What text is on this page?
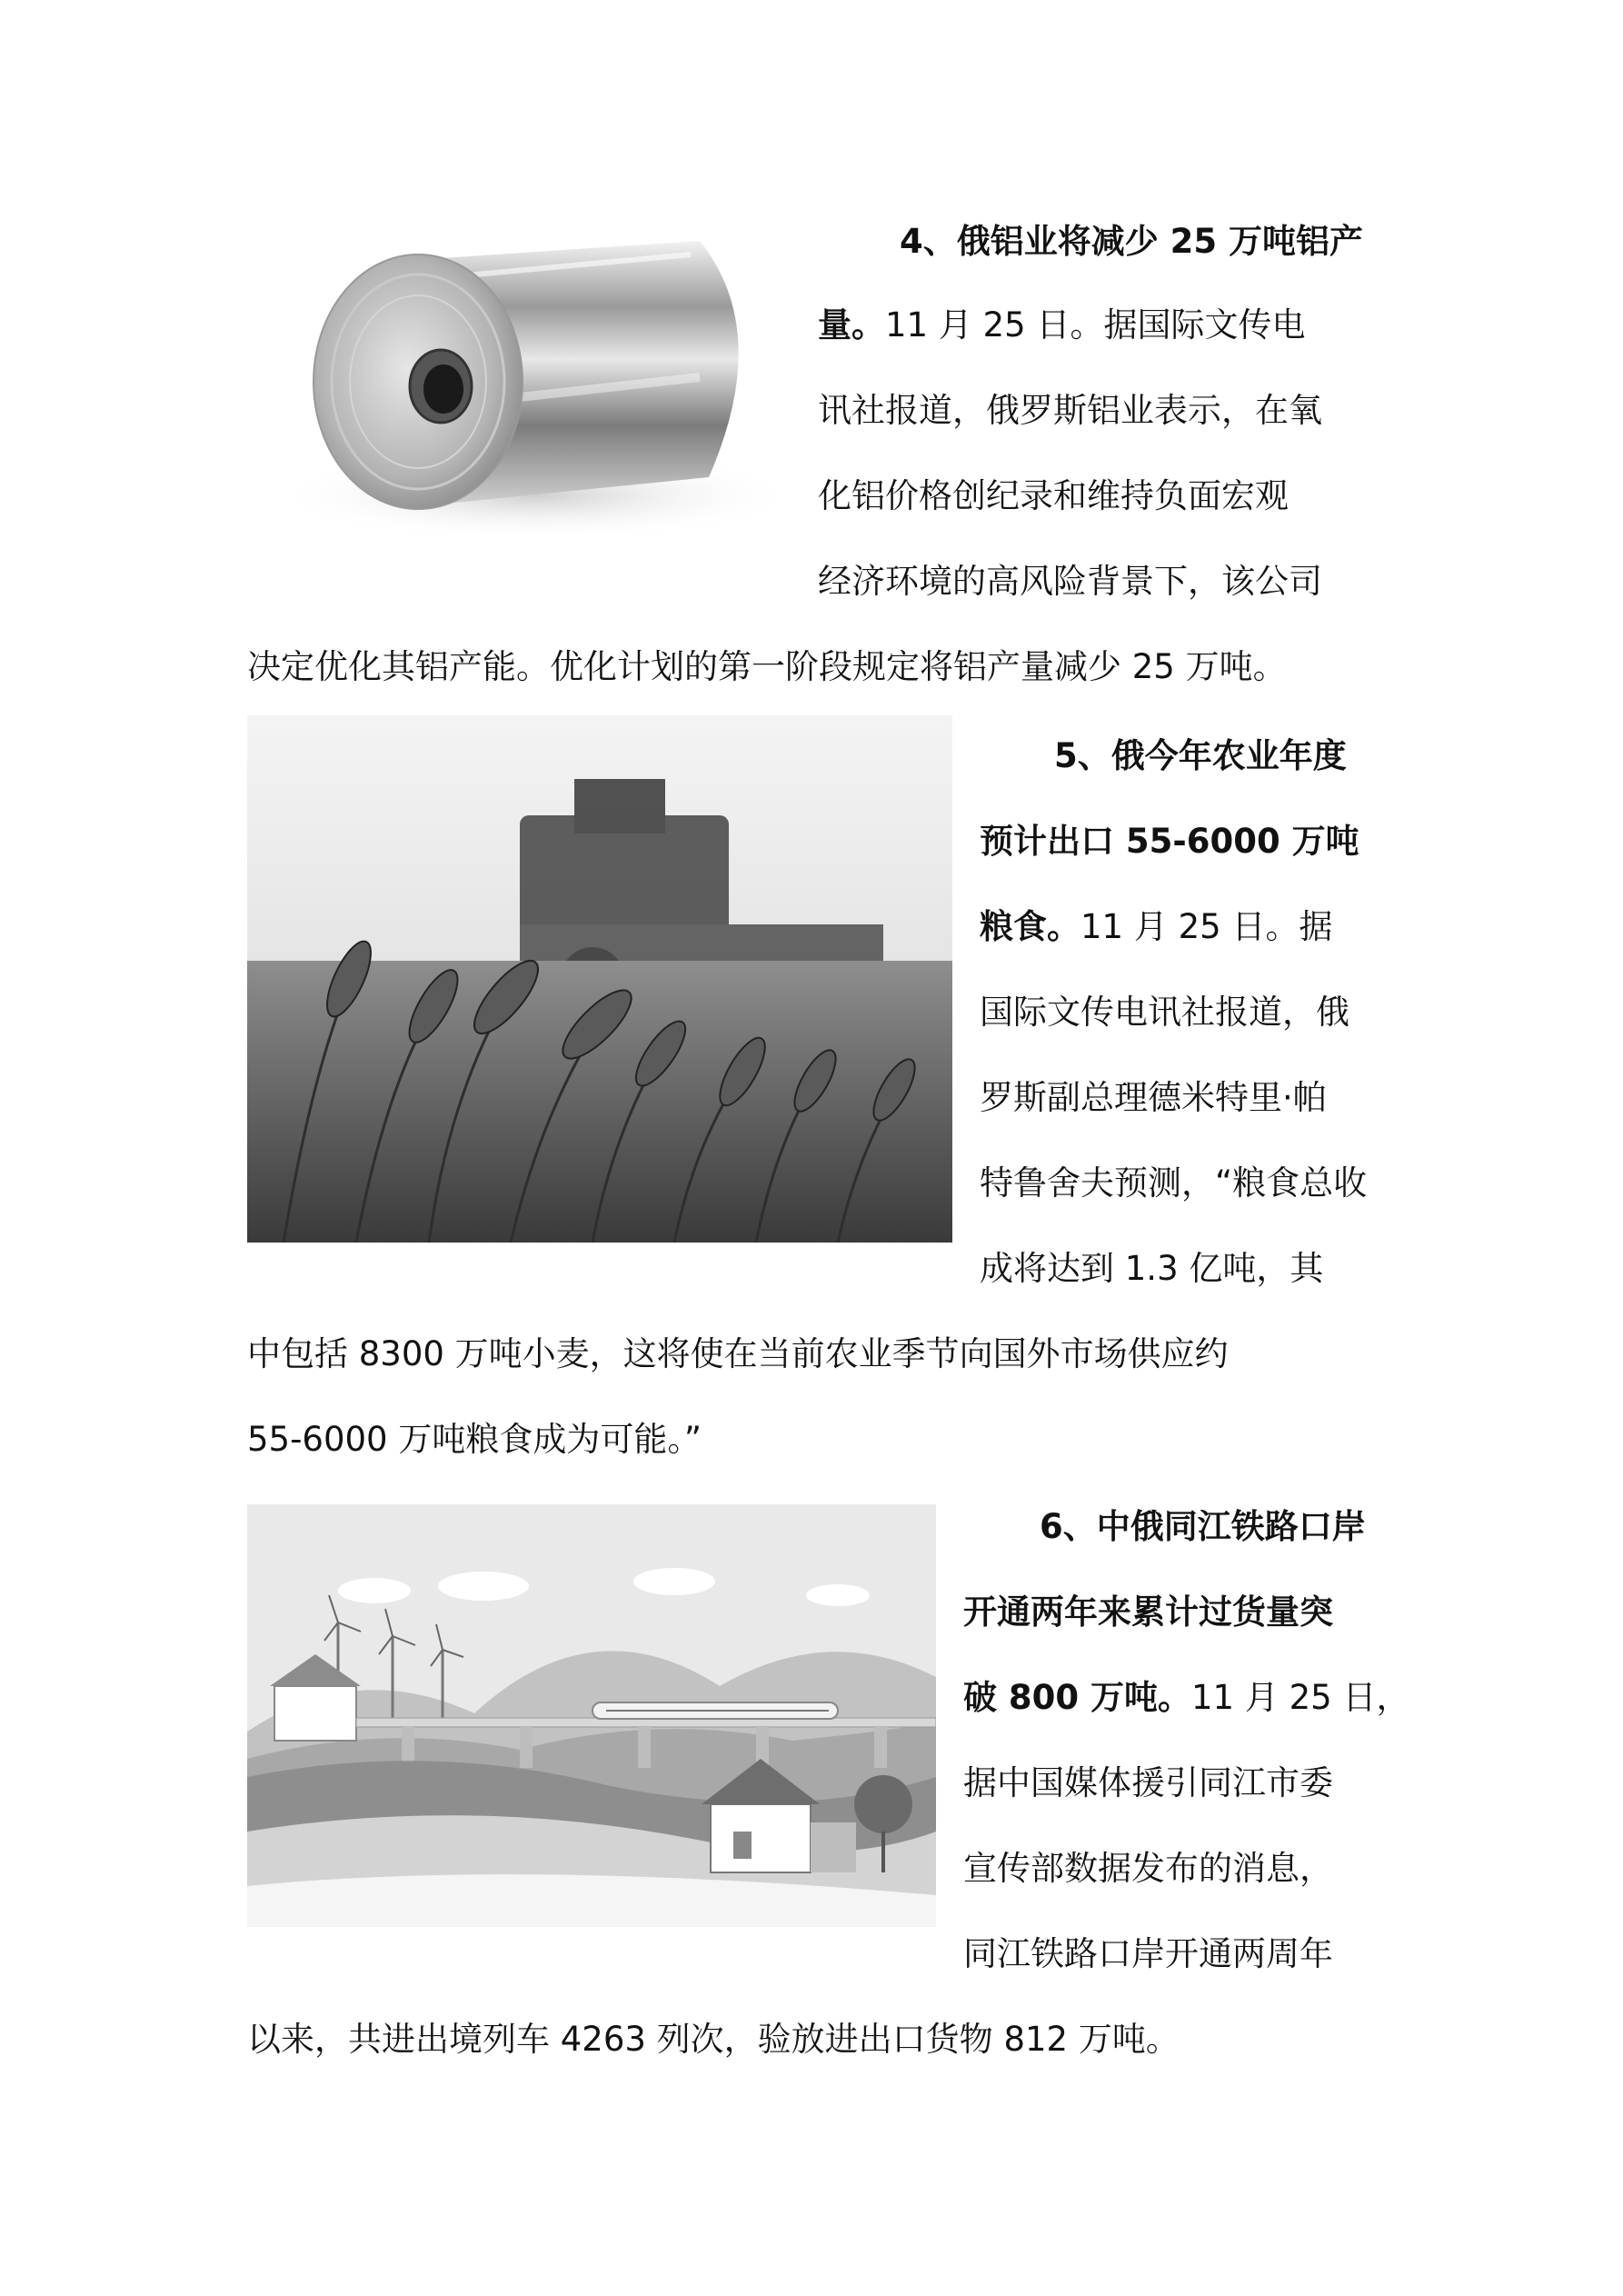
4、俄铝业将减少 25 万吨铝产
量。11 月 25 日。据国际文传电
讯社报道，俄罗斯铝业表示，在氧
化铝价格创纪录和维持负面宏观
经济环境的高风险背景下，该公司
决定优化其铝产能。优化计划的第一阶段规定将铝产量减少 25 万吨。
5、俄今年农业年度
预计出口 55-6000 万吨
粮食。11 月 25 日。据
国际文传电讯社报道，俄
罗斯副总理德米特里·帕
特鲁舍夫预测，“粮食总收
成将达到 1.3 亿吨，其
中包括 8300 万吨小麦，这将使在当前农业季节向国外市场供应约
55-6000 万吨粮食成为可能。”
6、中俄同江铁路口岸
开通两年来累计过货量突
破 800 万吨。11 月 25 日，
据中国媒体援引同江市委
宣传部数据发布的消息，
同江铁路口岸开通两周年
以来，共进出境列车 4263 列次，验放进出口货物 812 万吨。
